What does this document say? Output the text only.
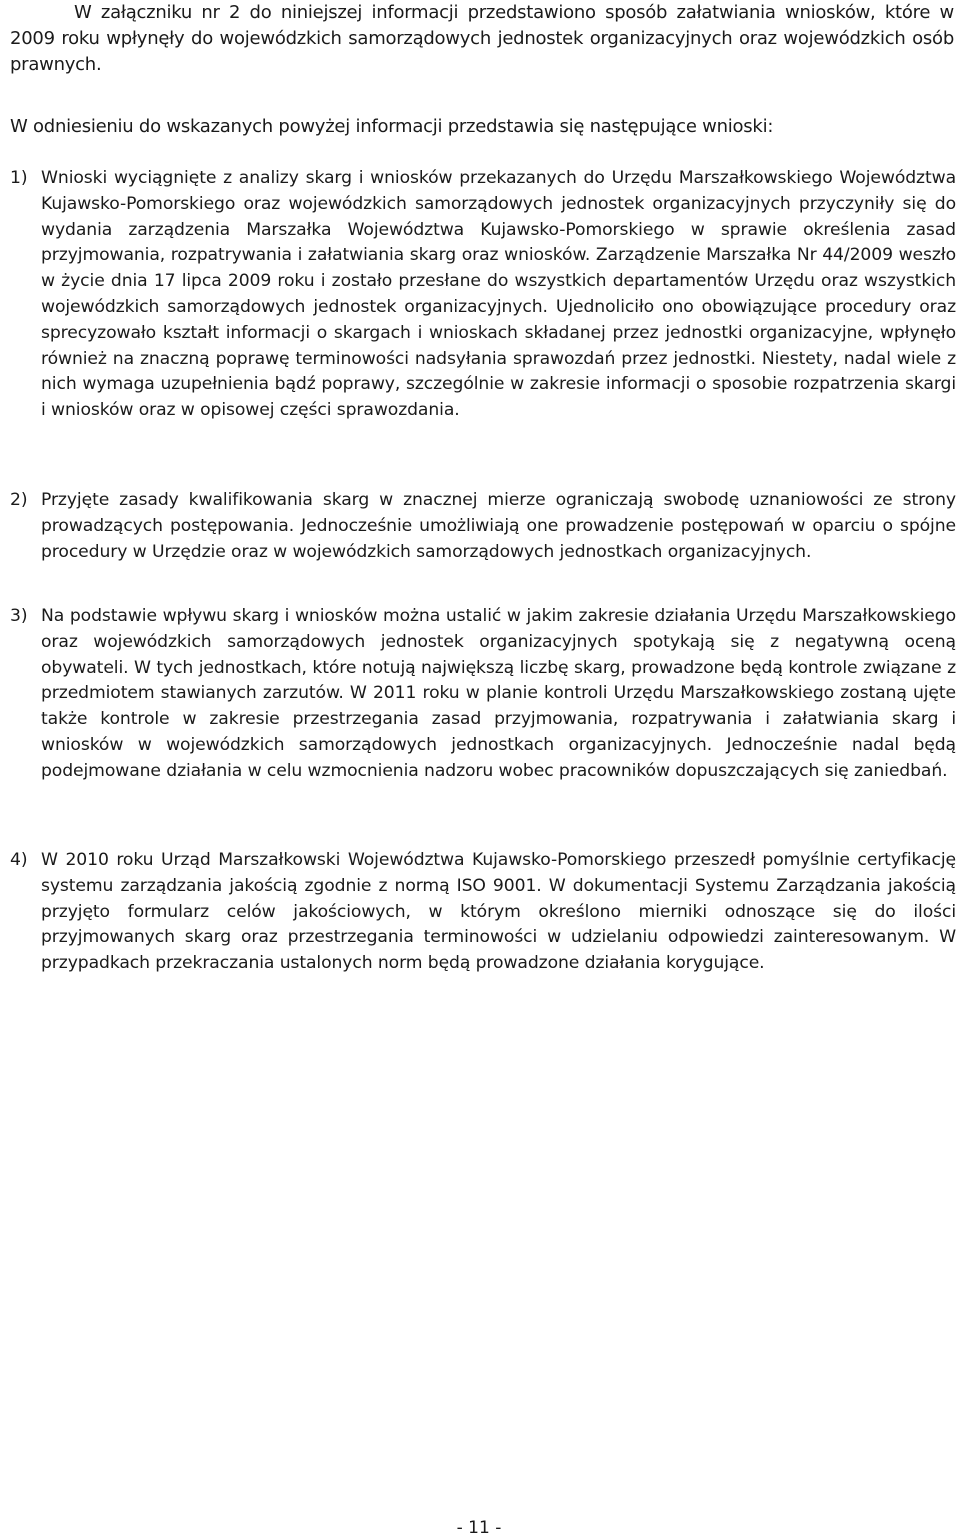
W załączniku nr 2 do niniejszej informacji przedstawiono sposób załatwiania wniosków, które w 2009 roku wpłynęły do wojewódzkich samorządowych jednostek organizacyjnych oraz wojewódzkich osób prawnych.

W odniesieniu do wskazanych powyżej informacji przedstawia się następujące wnioski:

1) Wnioski wyciągnięte z analizy skarg i wniosków przekazanych do Urzędu Marszałkowskiego Województwa Kujawsko-Pomorskiego oraz wojewódzkich samorządowych jednostek organizacyjnych przyczyniły się do wydania zarządzenia Marszałka Województwa Kujawsko-Pomorskiego w sprawie określenia zasad przyjmowania, rozpatrywania i załatwiania skarg oraz wniosków. Zarządzenie Marszałka Nr 44/2009 weszło w życie dnia 17 lipca 2009 roku i zostało przesłane do wszystkich departamentów Urzędu oraz wszystkich wojewódzkich samorządowych jednostek organizacyjnych. Ujednoliciło ono obowiązujące procedury oraz sprecyzowało kształt informacji o skargach i wnioskach składanej przez jednostki organizacyjne, wpłynęło również na znaczną poprawę terminowości nadsyłania sprawozdań przez jednostki. Niestety, nadal wiele z nich wymaga uzupełnienia bądź poprawy, szczególnie w zakresie informacji o sposobie rozpatrzenia skargi i wniosków oraz w opisowej części sprawozdania.
2) Przyjęte zasady kwalifikowania skarg w znacznej mierze ograniczają swobodę uznaniowości ze strony prowadzących postępowania. Jednocześnie umożliwiają one prowadzenie postępowań w oparciu o spójne procedury w Urzędzie oraz w wojewódzkich samorządowych jednostkach organizacyjnych.
3) Na podstawie wpływu skarg i wniosków można ustalić w jakim zakresie działania Urzędu Marszałkowskiego oraz wojewódzkich samorządowych jednostek organizacyjnych spotykają się z negatywną oceną obywateli. W tych jednostkach, które notują największą liczbę skarg, prowadzone będą kontrole związane z przedmiotem stawianych zarzutów. W 2011 roku w planie kontroli Urzędu Marszałkowskiego zostaną ujęte także kontrole w zakresie przestrzegania zasad przyjmowania, rozpatrywania i załatwiania skarg i wniosków w wojewódzkich samorządowych jednostkach organizacyjnych. Jednocześnie nadal będą podejmowane działania w celu wzmocnienia nadzoru wobec pracowników dopuszczających się zaniedbań.
4) W 2010 roku Urząd Marszałkowski Województwa Kujawsko-Pomorskiego przeszedł pomyślnie certyfikację systemu zarządzania jakością zgodnie z normą ISO 9001. W dokumentacji Systemu Zarządzania jakością przyjęto formularz celów jakościowych, w którym określono mierniki odnoszące się do ilości przyjmowanych skarg oraz przestrzegania terminowości w udzielaniu odpowiedzi zainteresowanym. W przypadkach przekraczania ustalonych norm będą prowadzone działania korygujące.
- 11 -
